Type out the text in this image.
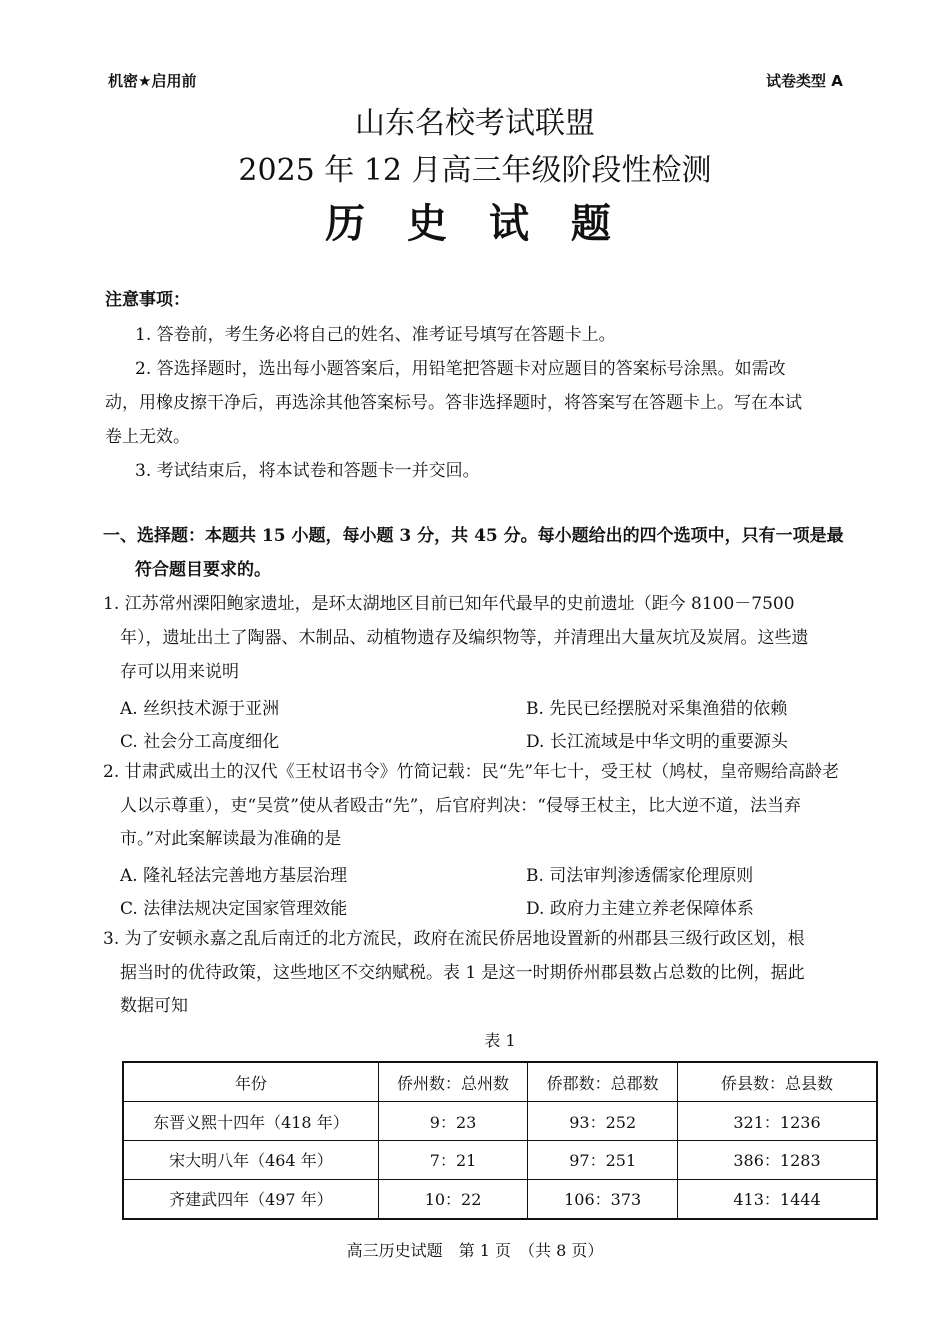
机密★启用前	试卷类型 A
山东名校考试联盟
2025 年 12 月高三年级阶段性检测
历 史 试 题
注意事项：
1. 答卷前，考生务必将自己的姓名、准考证号填写在答题卡上。
2. 答选择题时，选出每小题答案后，用铅笔把答题卡对应题目的答案标号涂黑。如需改
动，用橡皮擦干净后，再选涂其他答案标号。答非选择题时，将答案写在答题卡上。写在本试
卷上无效。
3. 考试结束后，将本试卷和答题卡一并交回。
一、选择题：本题共 15 小题，每小题 3 分，共 45 分。每小题给出的四个选项中，只有一项是最
符合题目要求的。
1. 江苏常州溧阳鲍家遗址，是环太湖地区目前已知年代最早的史前遗址（距今 8100－7500
年），遗址出土了陶器、木制品、动植物遗存及编织物等，并清理出大量灰坑及炭屑。这些遗
存可以用来说明
A. 丝织技术源于亚洲	B. 先民已经摆脱对采集渔猎的依赖
C. 社会分工高度细化	D. 长江流域是中华文明的重要源头
2. 甘肃武威出土的汉代《王杖诏书令》竹简记载：民“先”年七十，受王杖（鸠杖，皇帝赐给高龄老
人以示尊重），吏“吴赏”使从者殴击“先”，后官府判决：“侵辱王杖主，比大逆不道，法当弃
市。”对此案解读最为准确的是
A. 隆礼轻法完善地方基层治理	B. 司法审判渗透儒家伦理原则
C. 法律法规决定国家管理效能	D. 政府力主建立养老保障体系
3. 为了安顿永嘉之乱后南迁的北方流民，政府在流民侨居地设置新的州郡县三级行政区划，根
据当时的优待政策，这些地区不交纳赋税。表 1 是这一时期侨州郡县数占总数的比例，据此
数据可知
表 1
年份	侨州数：总州数	侨郡数：总郡数	侨县数：总县数
东晋义熙十四年（418 年）	9：23	93：252	321：1236
宋大明八年（464 年）	7：21	97：251	386：1283
齐建武四年（497 年）	10：22	106：373	413：1444
高三历史试题　第 1 页　（共 8 页）
